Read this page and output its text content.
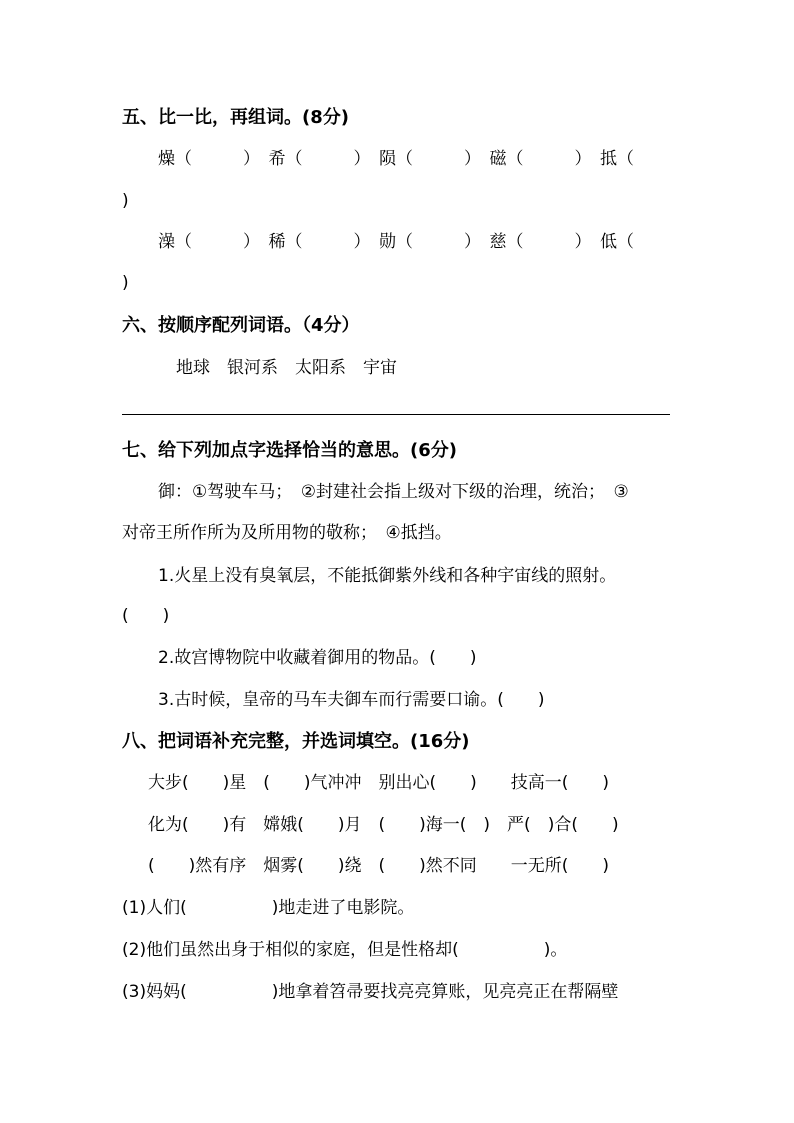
五、比一比，再组词。(8分)
燥（　　　）　希（　　　）　陨（　　　）　磁（　　　）　抵（
)
澡（　　　）　稀（　　　）　勋（　　　）　慈（　　　）　低（
)
六、按顺序配列词语。（4分）
地球　银河系　太阳系　宇宙
七、给下列加点字选择恰当的意思。(6分)
御：①驾驶车马；　②封建社会指上级对下级的治理，统治；　③
对帝王所作所为及所用物的敬称；　④抵挡。
1.火星上没有臭氧层，不能抵御紫外线和各种宇宙线的照射。
(　　)
2.故宫博物院中收藏着御用的物品。(　　)
3.古时候，皇帝的马车夫御车而行需要口谕。(　　)
八、把词语补充完整，并选词填空。(16分)
大步(　　)星　(　　)气冲冲　别出心(　　)　　技高一(　　)
化为(　　)有　嫦娥(　　)月　(　　)海一(　)　严(　)合(　　)
(　　)然有序　烟雾(　　)绕　(　　)然不同　　一无所(　　)
(1)人们(　　　　　)地走进了电影院。
(2)他们虽然出身于相似的家庭，但是性格却(　　　　　)。
(3)妈妈(　　　　　)地拿着笤帚要找亮亮算账，见亮亮正在帮隔壁
